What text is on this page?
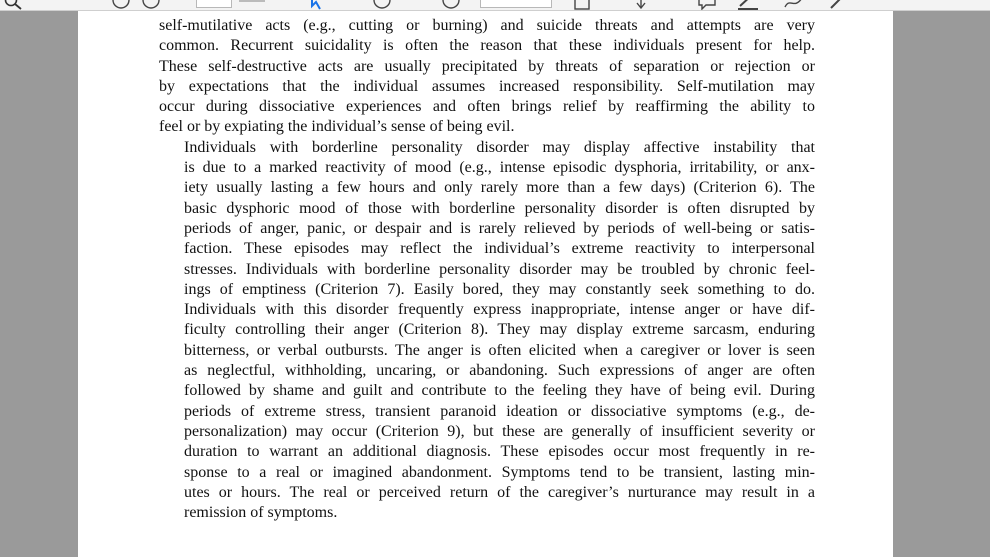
self-mutilative acts (e.g., cutting or burning) and suicide threats and attempts are very
common. Recurrent suicidality is often the reason that these individuals present for help.
These self-destructive acts are usually precipitated by threats of separation or rejection or
by expectations that the individual assumes increased responsibility. Self-mutilation may
occur during dissociative experiences and often brings relief by reaffirming the ability to
feel or by expiating the individual’s sense of being evil.

Individuals with borderline personality disorder may display affective instability that
is due to a marked reactivity of mood (e.g., intense episodic dysphoria, irritability, or anx-
iety usually lasting a few hours and only rarely more than a few days) (Criterion 6). The
basic dysphoric mood of those with borderline personality disorder is often disrupted by
periods of anger, panic, or despair and is rarely relieved by periods of well-being or satis-
faction. These episodes may reflect the individual’s extreme reactivity to interpersonal
stresses. Individuals with borderline personality disorder may be troubled by chronic feel-
ings of emptiness (Criterion 7). Easily bored, they may constantly seek something to do.
Individuals with this disorder frequently express inappropriate, intense anger or have dif-
ficulty controlling their anger (Criterion 8). They may display extreme sarcasm, enduring
bitterness, or verbal outbursts. The anger is often elicited when a caregiver or lover is seen
as neglectful, withholding, uncaring, or abandoning. Such expressions of anger are often
followed by shame and guilt and contribute to the feeling they have of being evil. During
periods of extreme stress, transient paranoid ideation or dissociative symptoms (e.g., de-
personalization) may occur (Criterion 9), but these are generally of insufficient severity or
duration to warrant an additional diagnosis. These episodes occur most frequently in re-
sponse to a real or imagined abandonment. Symptoms tend to be transient, lasting min-
utes or hours. The real or perceived return of the caregiver’s nurturance may result in a
remission of symptoms.
